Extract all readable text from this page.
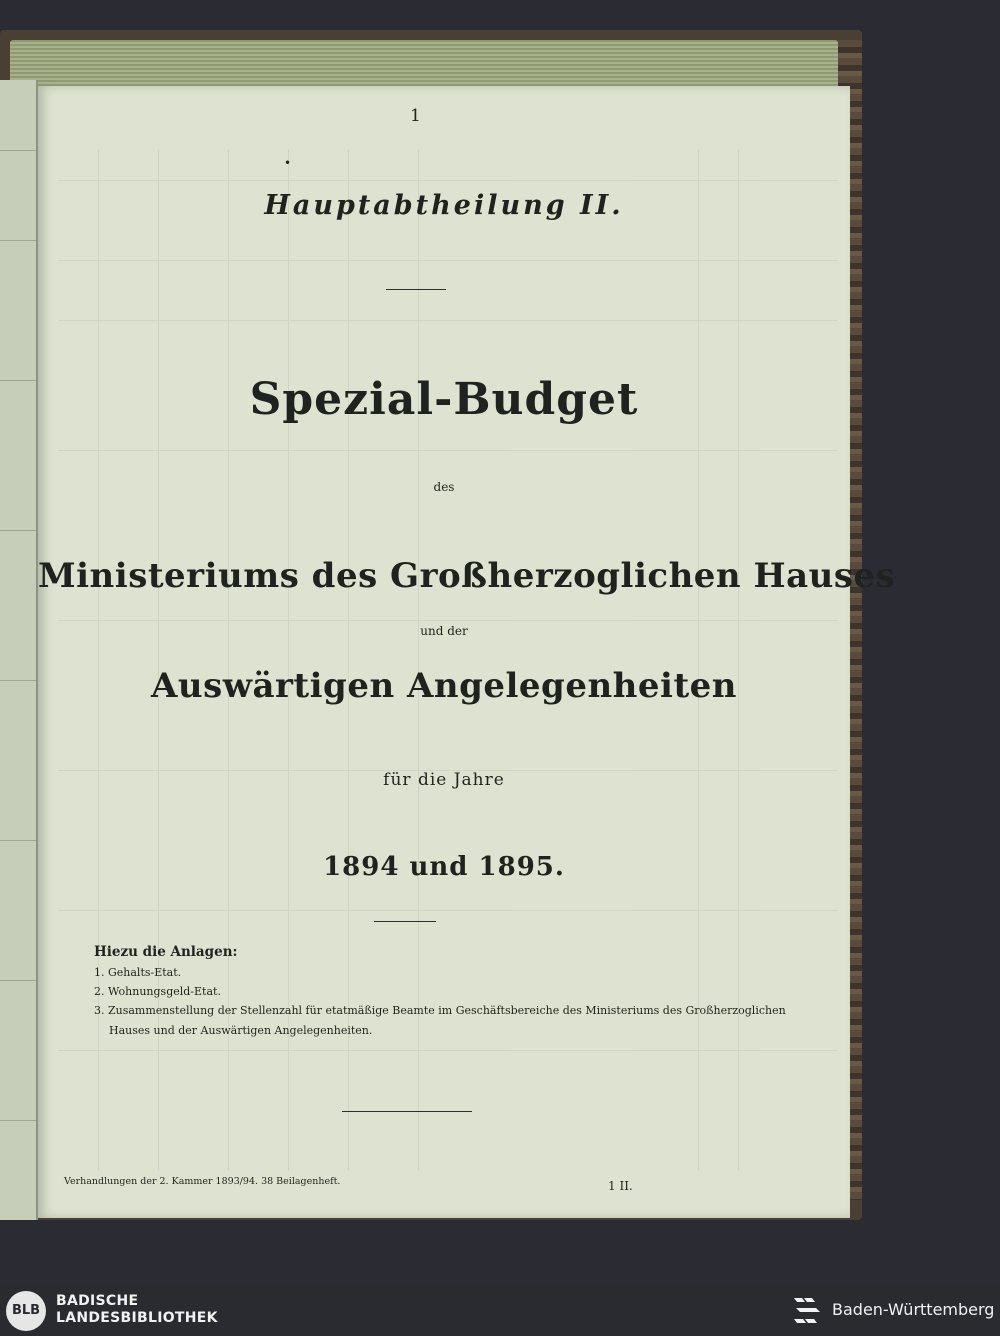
1
•
Hauptabtheilung II.
Spezial-Budget
des
Ministeriums des Großherzoglichen Hauses
und der
Auswärtigen Angelegenheiten
für die Jahre
1894 und 1895.
Hiezu die Anlagen:
1. Gehalts-Etat.
2. Wohnungsgeld-Etat.
3. Zusammenstellung der Stellenzahl für etatmäßige Beamte im Geschäftsbereiche des Ministeriums des Großherzoglichen
Hauses und der Auswärtigen Angelegenheiten.
Verhandlungen der 2. Kammer 1893/94. 38 Beilagenheft.	1 II.
BLB
BADISCHE
LANDESBIBLIOTHEK	Baden-Württemberg
